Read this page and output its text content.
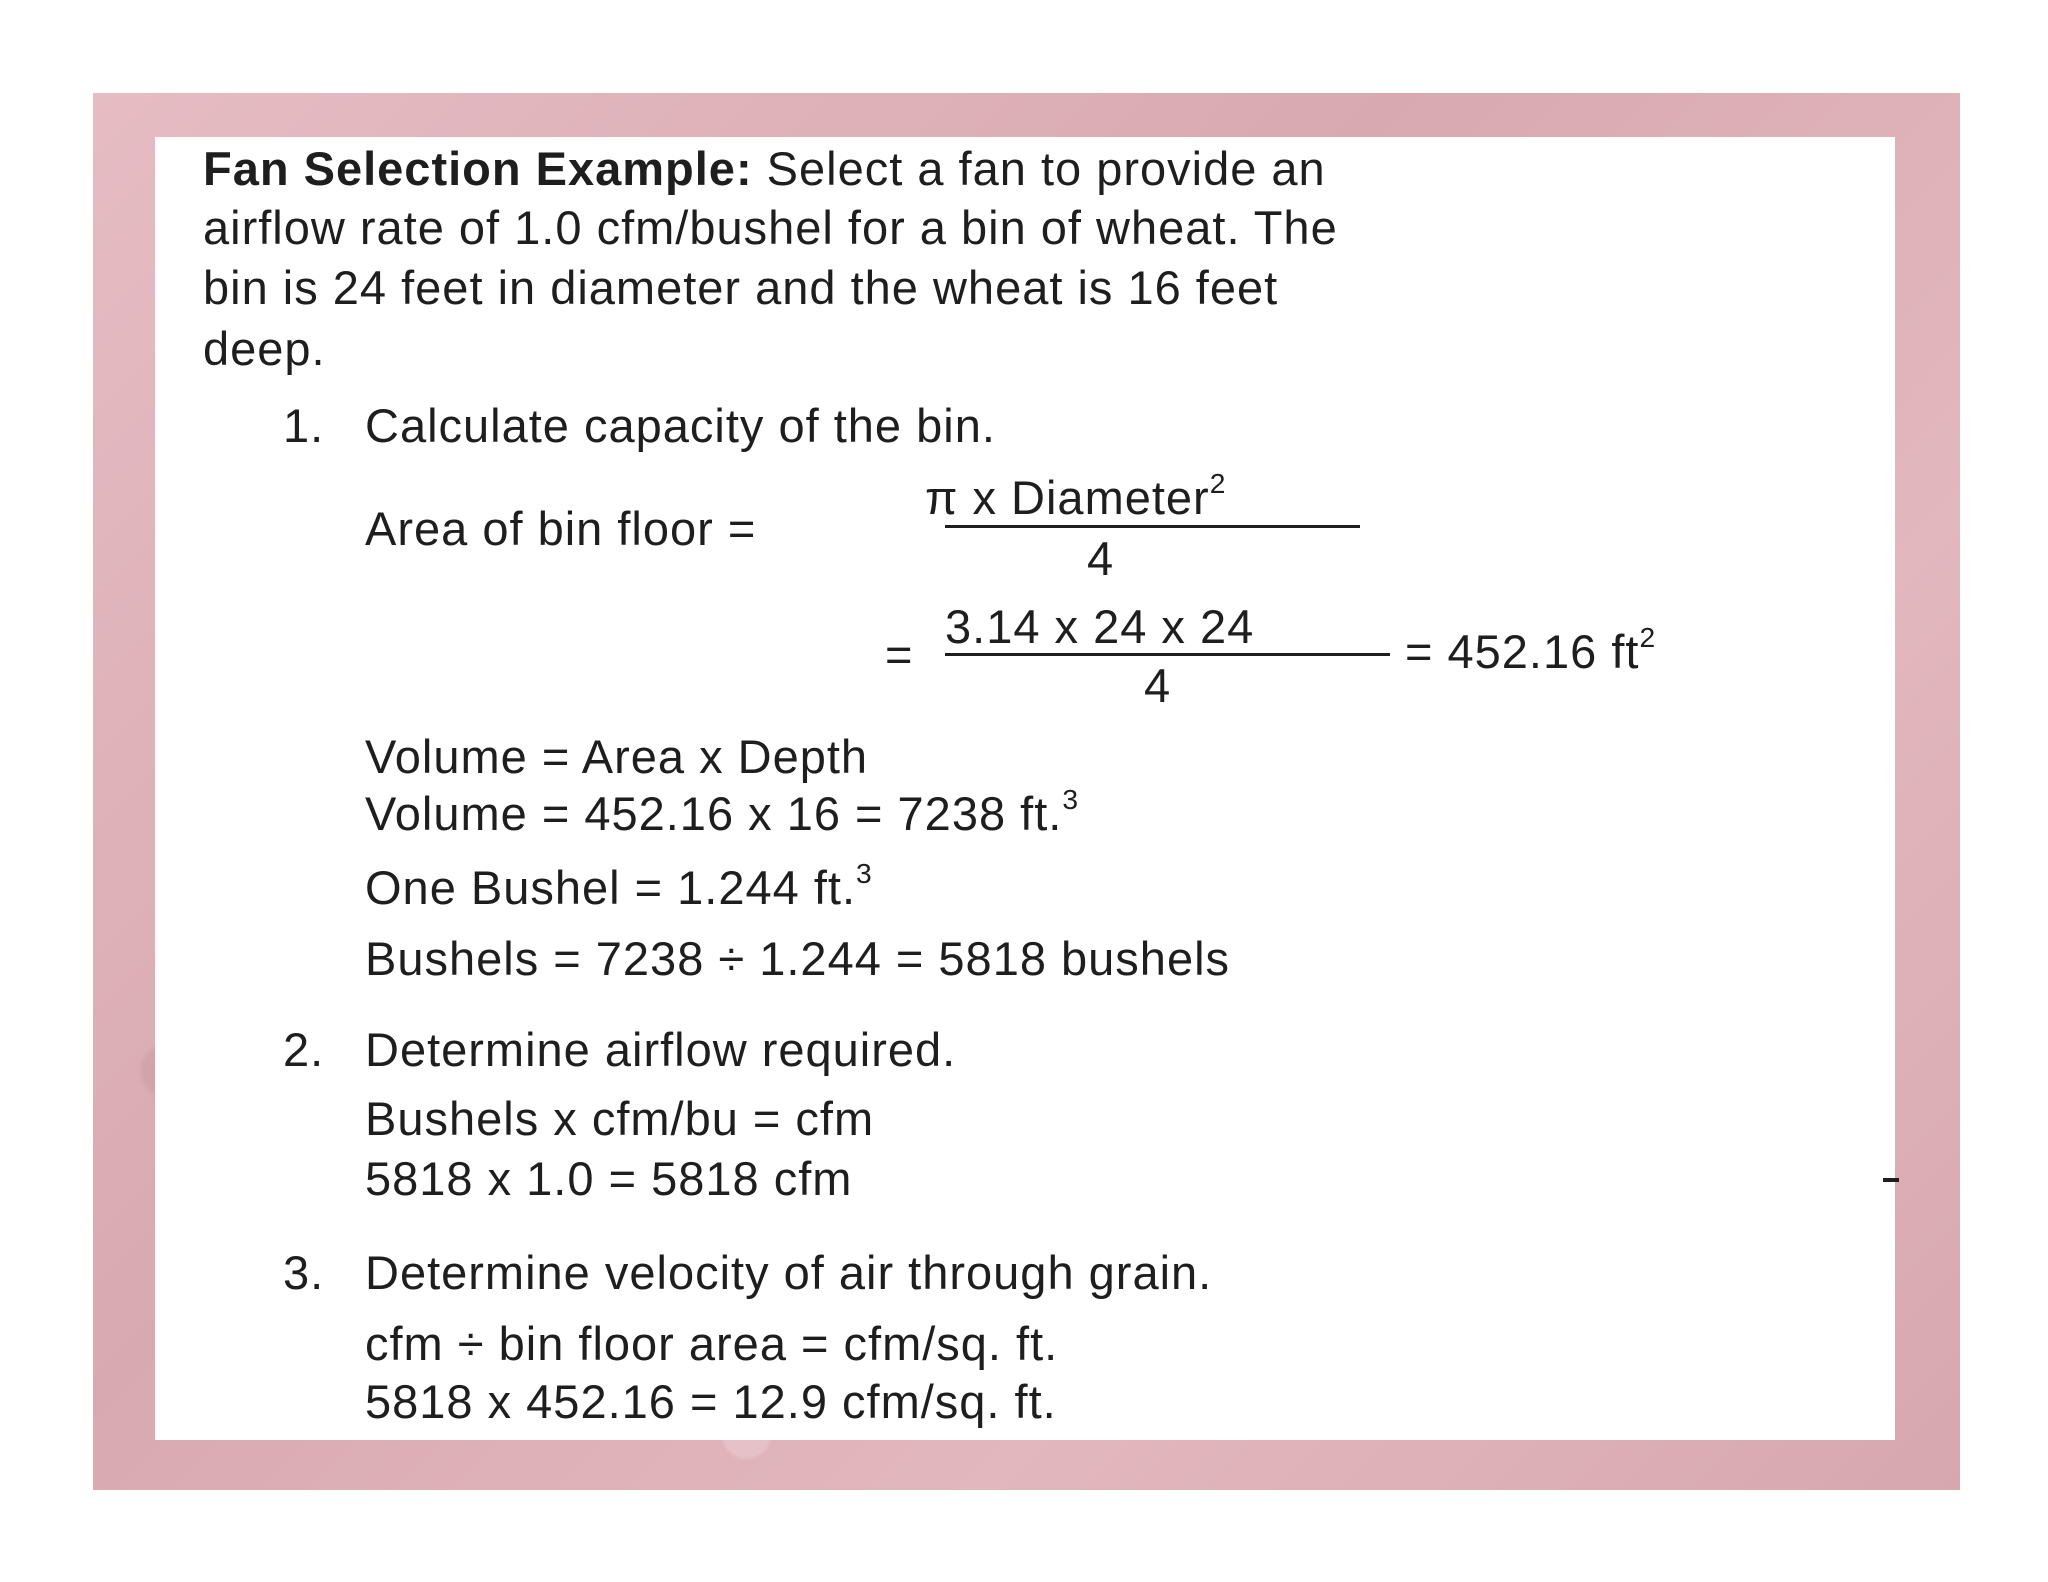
Fan Selection Example: Select a fan to provide an
airflow rate of 1.0 cfm/bushel for a bin of wheat. The
bin is 24 feet in diameter and the wheat is 16 feet
deep.
1. Calculate capacity of the bin.
Area of bin floor =
π x Diameter$^2$
4
=
3.14 x 24 x 24
4
= 452.16 $ft^2$
Volume = Area x Depth
Volume = 452.16 x 16 = 7238 ft.$^3$
One Bushel = 1.244 ft.$^3$
Bushels = 7238 ÷ 1.244 = 5818 bushels
2. Determine airflow required.
Bushels x cfm/bu = cfm
5818 x 1.0 = 5818 cfm
3. Determine velocity of air through grain.
cfm ÷ bin floor area = cfm/sq. ft.
5818 x 452.16 = 12.9 cfm/sq. ft.
